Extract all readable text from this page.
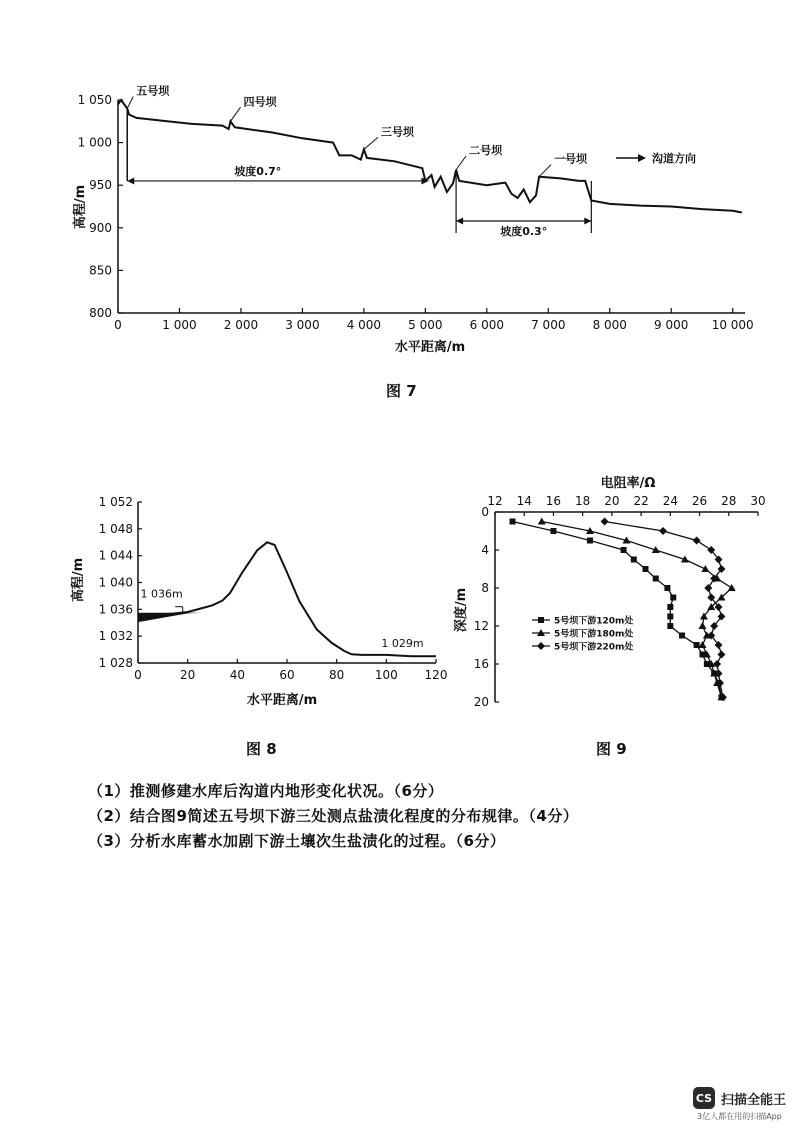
0	1 000 2 000 3 000 4 000 5 000 6 000 7 000 8 000 9 000 10 000
800
850
900
950
1 000
1 050
五号坝
四号坝
三号坝
二号坝
一号坝
坡度0.7°
坡度0.3°
沟道方向
水平距离/m
高程/m
图 7
0	20	40	60	80	100 120
1 028
1 032
1 036
1 040
1 044
1 048
1 052
1 036m
1 029m
水平距离/m
高程/m
图 8
12 14 16 18 20 22 24 26 28 30
0
4
8
12
16
20
5号坝下游120m处
5号坝下游180m处
5号坝下游220m处
电阻率/Ω
深度/m
图 9
（1）推测修建水库后沟道内地形变化状况。（6分）
（2）结合图9简述五号坝下游三处测点盐渍化程度的分布规律。（4分）
（3）分析水库蓄水加剧下游土壤次生盐渍化的过程。（6分）
CS 扫描全能王
3亿人都在用的扫描App
